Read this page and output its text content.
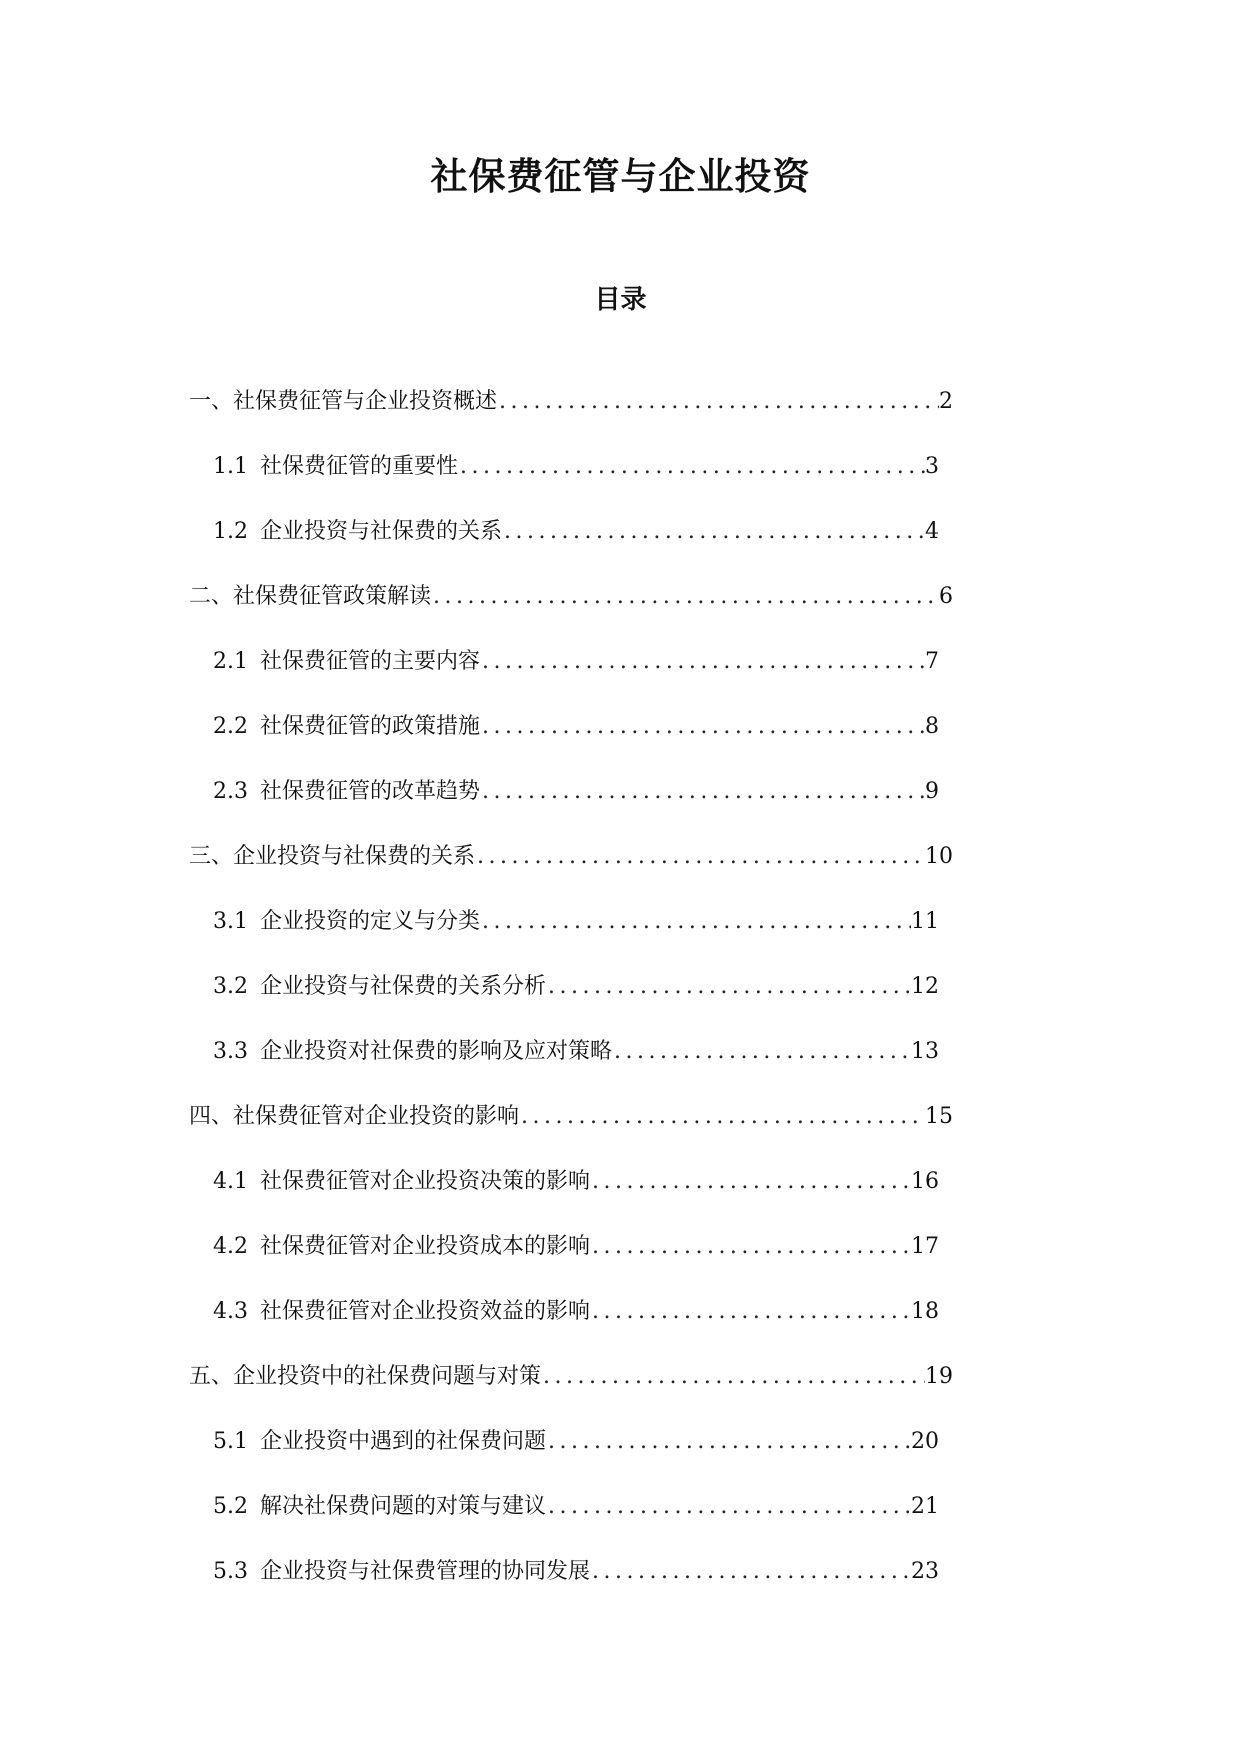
社保费征管与企业投资
目录
一、社保费征管与企业投资概述 .....	2
1.1 社保费征管的重要性 .....	3
1.2 企业投资与社保费的关系 .....	4
二、社保费征管政策解读 .....	6
2.1 社保费征管的主要内容 .....	7
2.2 社保费征管的政策措施 .....	8
2.3 社保费征管的改革趋势 .....	9
三、企业投资与社保费的关系 .....	10
3.1 企业投资的定义与分类 .....	11
3.2 企业投资与社保费的关系分析 .....	12
3.3 企业投资对社保费的影响及应对策略 .....	13
四、社保费征管对企业投资的影响 .....	15
4.1 社保费征管对企业投资决策的影响 .....	16
4.2 社保费征管对企业投资成本的影响 .....	17
4.3 社保费征管对企业投资效益的影响 .....	18
五、企业投资中的社保费问题与对策 .....	19
5.1 企业投资中遇到的社保费问题 .....	20
5.2 解决社保费问题的对策与建议 .....	21
5.3 企业投资与社保费管理的协同发展 .....	23
